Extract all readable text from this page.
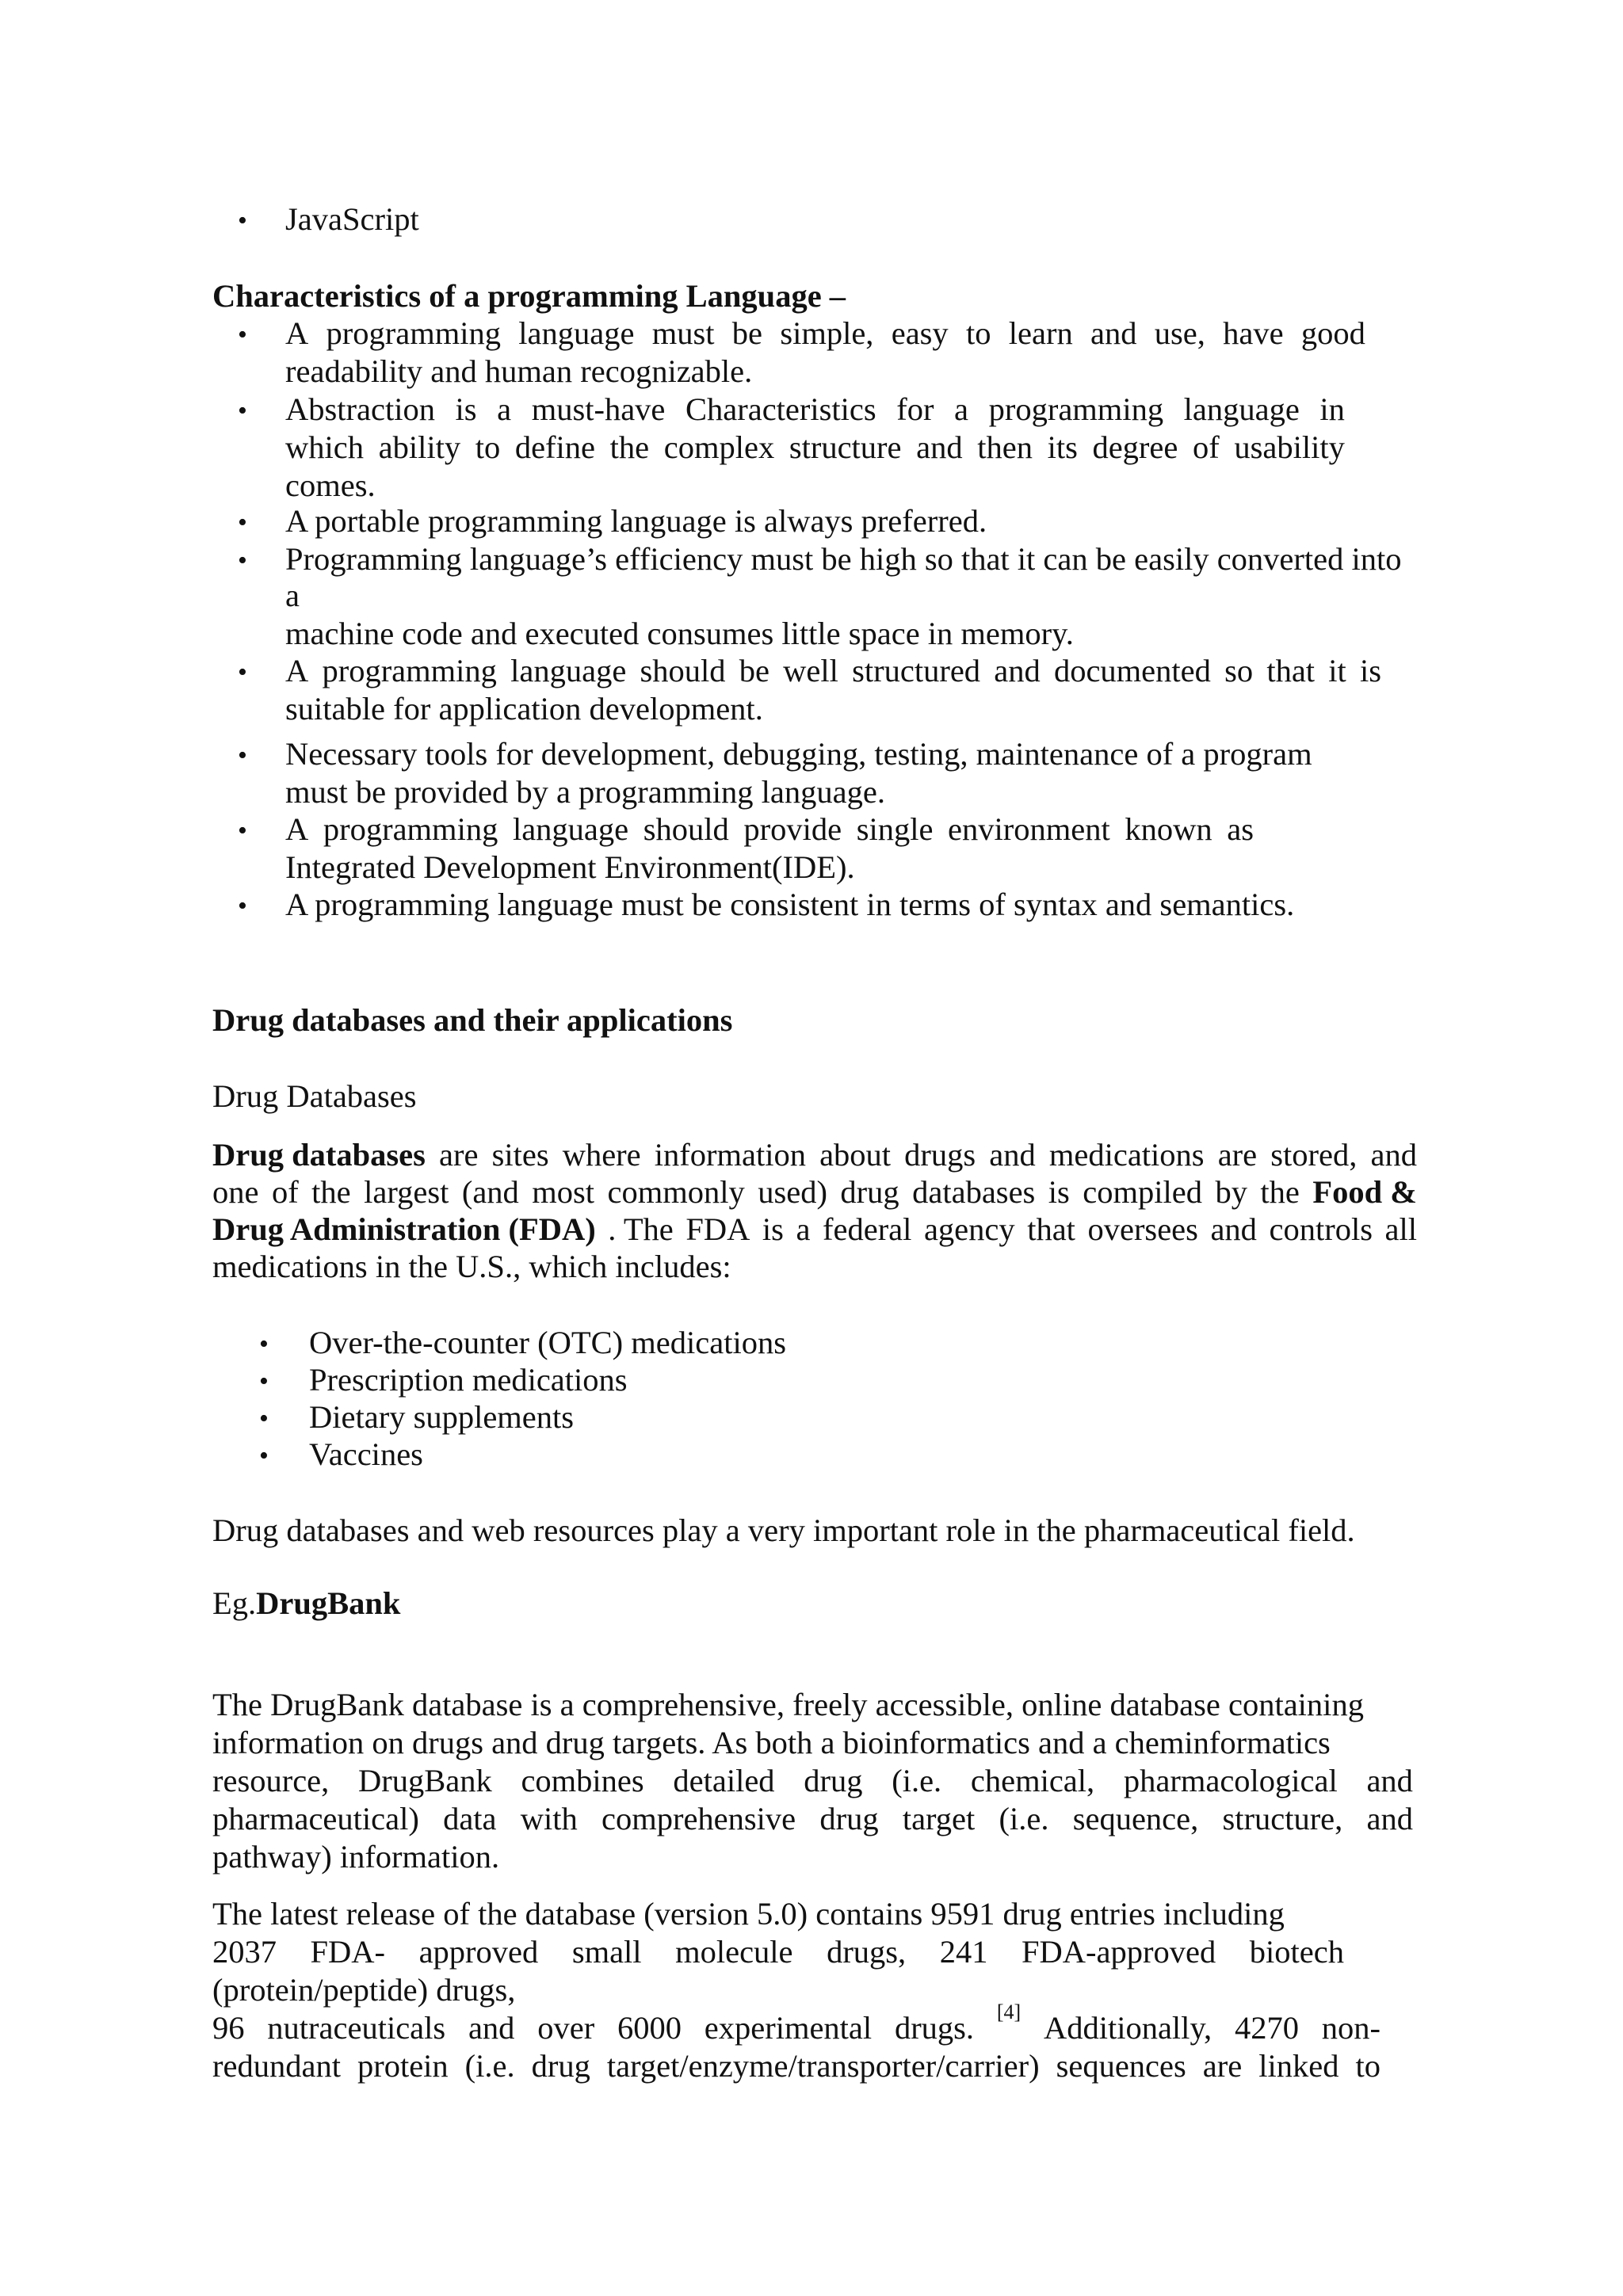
• JavaScript
Characteristics of a programming Language –
• A programming language must be simple, easy to learn and use, have good
readability and human recognizable.
• Abstraction is a must-have Characteristics for a programming language in
which ability to define the complex structure and then its degree of usability
comes.
• A portable programming language is always preferred.
• Programming language’s efficiency must be high so that it can be easily converted into
a
machine code and executed consumes little space in memory.
• A programming language should be well structured and documented so that it is
suitable for application development.
• Necessary tools for development, debugging, testing, maintenance of a program
must be provided by a programming language.
• A programming language should provide single environment known as
Integrated Development Environment(IDE).
• A programming language must be consistent in terms of syntax and semantics.
Drug databases and their applications
Drug Databases
Drug databases are sites where information about drugs and medications are stored, and
one of the largest (and most commonly used) drug databases is compiled by the Food &
Drug Administration (FDA) . The FDA is a federal agency that oversees and controls all
medications in the U.S., which includes:
• Over-the-counter (OTC) medications
• Prescription medications
• Dietary supplements
• Vaccines
Drug databases and web resources play a very important role in the pharmaceutical field.
Eg.DrugBank
The DrugBank database is a comprehensive, freely accessible, online database containing
information on drugs and drug targets. As both a bioinformatics and a cheminformatics
resource, DrugBank combines detailed drug (i.e. chemical, pharmacological and
pharmaceutical) data with comprehensive drug target (i.e. sequence, structure, and
pathway) information.
The latest release of the database (version 5.0) contains 9591 drug entries including
2037 FDA- approved small molecule drugs, 241 FDA-approved biotech
(protein/peptide) drugs,
96 nutraceuticals and over 6000 experimental drugs. [4] Additionally, 4270 non-
redundant protein (i.e. drug target/enzyme/transporter/carrier) sequences are linked to
